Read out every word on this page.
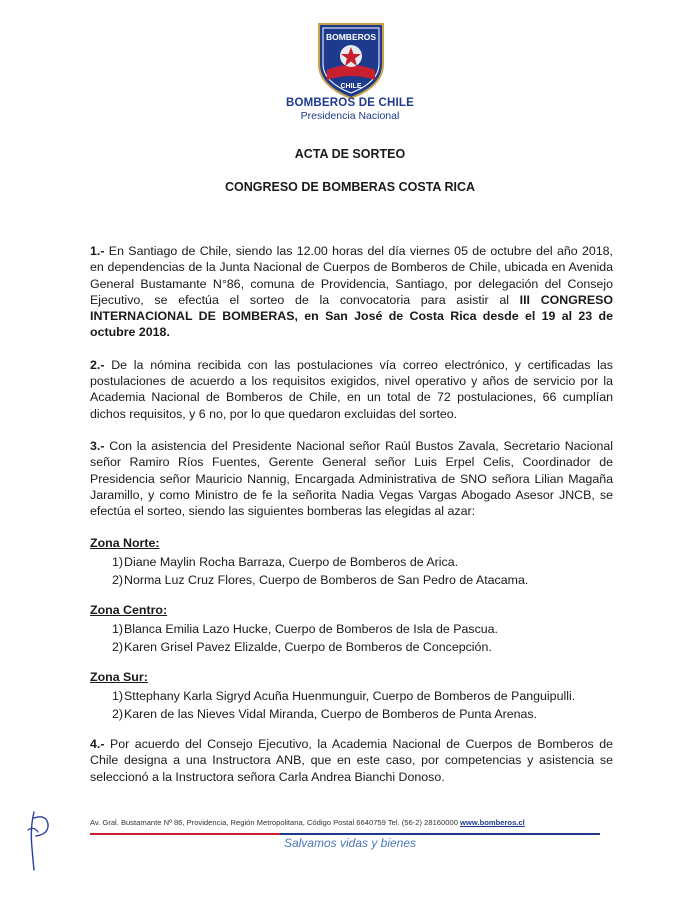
BOMBEROS
CHILE
BOMBEROS DE CHILE
Presidencia Nacional
ACTA DE SORTEO
CONGRESO DE BOMBERAS COSTA RICA

1.- En Santiago de Chile, siendo las 12.00 horas del día viernes 05 de octubre del año 2018, en dependencias de la Junta Nacional de Cuerpos de Bomberos de Chile, ubicada en Avenida General Bustamante N°86, comuna de Providencia, Santiago, por delegación del Consejo Ejecutivo, se efectúa el sorteo de la convocatoria para asistir al III CONGRESO INTERNACIONAL DE BOMBERAS, en San José de Costa Rica desde el 19 al 23 de octubre 2018.

2.- De la nómina recibida con las postulaciones vía correo electrónico, y certificadas las postulaciones de acuerdo a los requisitos exigidos, nivel operativo y años de servicio por la Academia Nacional de Bomberos de Chile, en un total de 72 postulaciones, 66 cumplían dichos requisitos, y 6 no, por lo que quedaron excluidas del sorteo.

3.- Con la asistencia del Presidente Nacional señor Raúl Bustos Zavala, Secretario Nacional señor Ramiro Ríos Fuentes, Gerente General señor Luis Erpel Celis, Coordinador de Presidencia señor Mauricio Nannig, Encargada Administrativa de SNO señora Lilian Magaña Jaramillo, y como Ministro de fe la señorita Nadia Vegas Vargas Abogado Asesor JNCB, se efectúa el sorteo, siendo las siguientes bomberas las elegidas al azar:

Zona Norte:
1) Diane Maylin Rocha Barraza, Cuerpo de Bomberos de Arica.
2) Norma Luz Cruz Flores, Cuerpo de Bomberos de San Pedro de Atacama.
Zona Centro:
1) Blanca Emilia Lazo Hucke, Cuerpo de Bomberos de Isla de Pascua.
2) Karen Grisel Pavez Elizalde, Cuerpo de Bomberos de Concepción.
Zona Sur:
1) Sttephany Karla Sigryd Acuña Huenmunguir, Cuerpo de Bomberos de Panguipulli.
2) Karen de las Nieves Vidal Miranda, Cuerpo de Bomberos de Punta Arenas.

4.- Por acuerdo del Consejo Ejecutivo, la Academia Nacional de Cuerpos de Bomberos de Chile designa a una Instructora ANB, que en este caso, por competencias y asistencia se seleccionó a la Instructora señora Carla Andrea Bianchi Donoso.

Av. Gral. Bustamante Nº 86, Providencia, Región Metropolitana, Código Postal 6640759 Tel. (56-2) 28160000 www.bomberos.cl
Salvamos vidas y bienes
